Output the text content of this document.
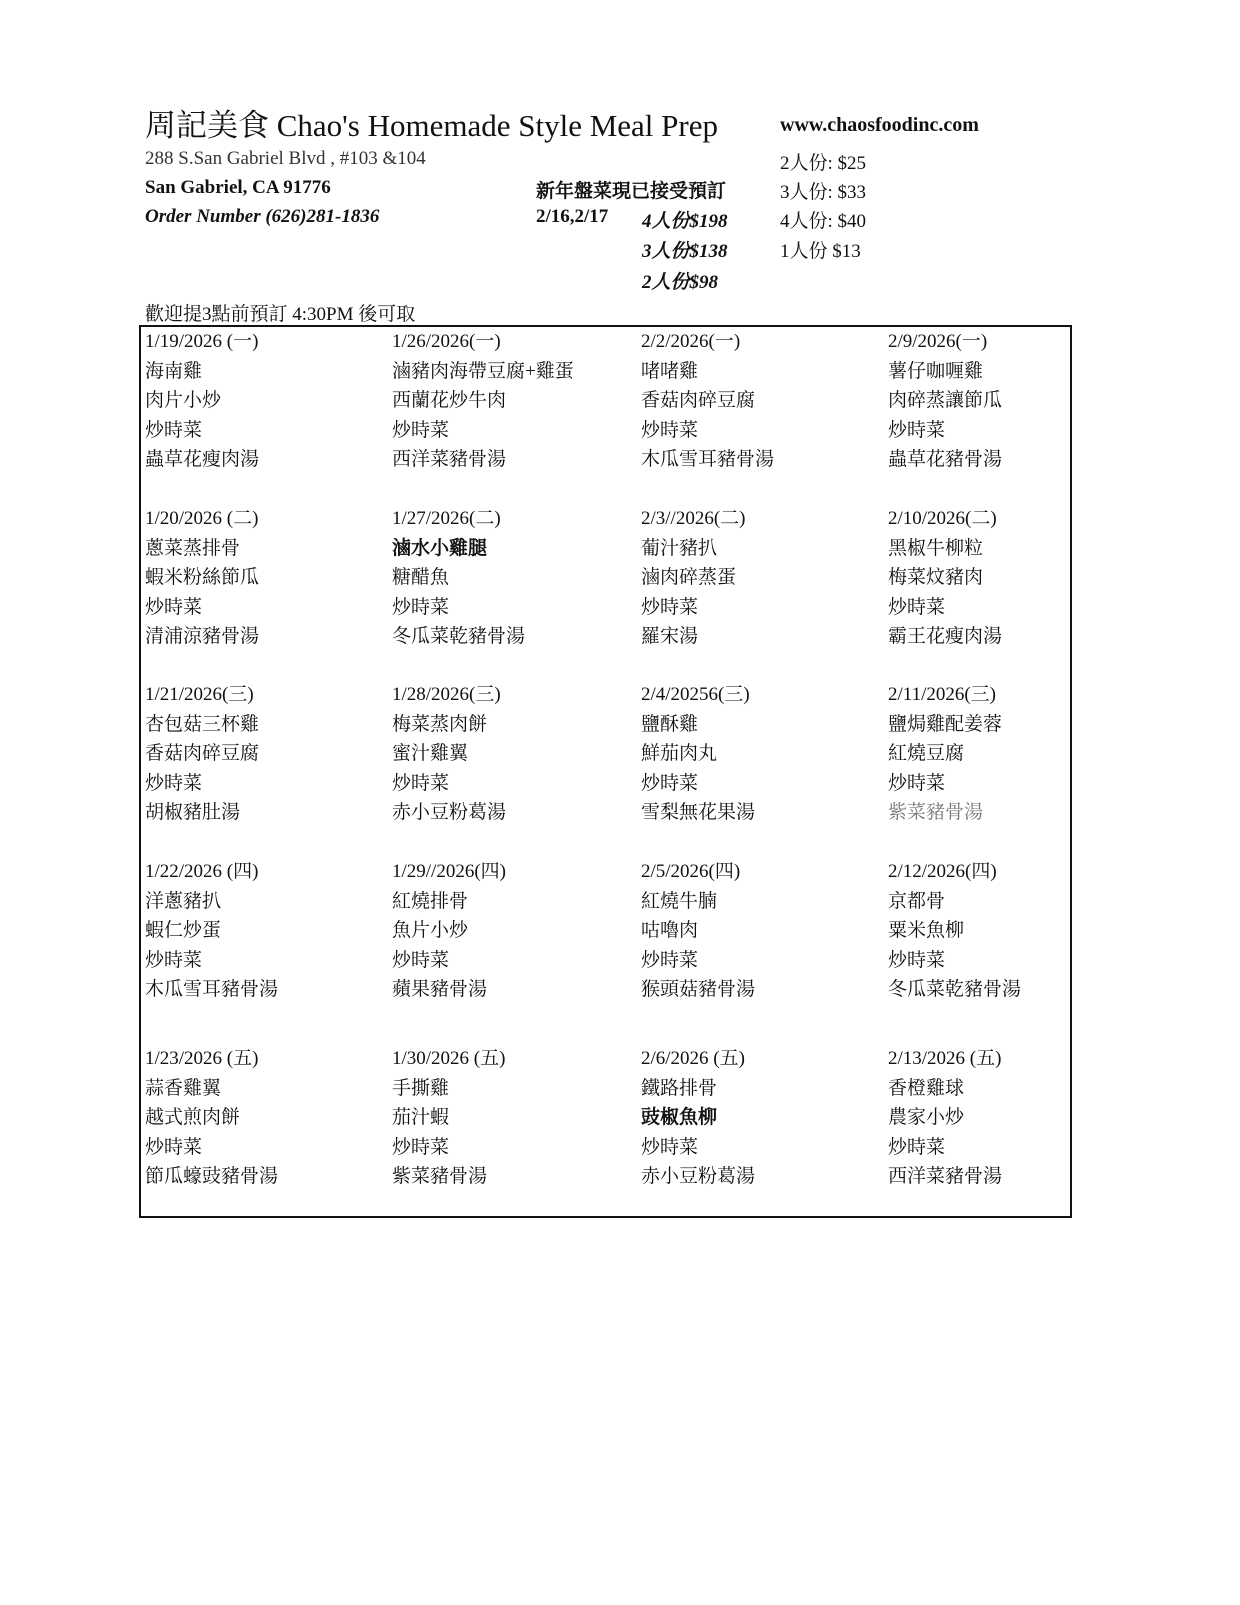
周記美食 Chao's Homemade Style Meal Prep	www.chaosfoodinc.com
288 S.San Gabriel Blvd , #103 &104
San Gabriel, CA 91776
Order Number (626)281-1836
新年盤菜現已接受預訂
2/16,2/17 4人份$198
3人份$138
2人份$98
2人份: $25
3人份: $33
4人份: $40
1人份 $13
歡迎提3點前預訂 4:30PM 後可取
1/19/2026 (一)
海南雞
肉片小炒
炒時菜
蟲草花瘦肉湯
1/20/2026 (二)
蔥菜蒸排骨
蝦米粉絲節瓜
炒時菜
清浦涼豬骨湯
1/21/2026(三)
杏包菇三杯雞
香菇肉碎豆腐
炒時菜
胡椒豬肚湯
1/22/2026 (四)
洋蔥豬扒
蝦仁炒蛋
炒時菜
木瓜雪耳豬骨湯
1/23/2026 (五)
蒜香雞翼
越式煎肉餅
炒時菜
節瓜蠔豉豬骨湯
1/26/2026(一)
滷豬肉海帶豆腐+雞蛋
西蘭花炒牛肉
炒時菜
西洋菜豬骨湯
1/27/2026(二)
滷水小雞腿
糖醋魚
炒時菜
冬瓜菜乾豬骨湯
1/28/2026(三)
梅菜蒸肉餅
蜜汁雞翼
炒時菜
赤小豆粉葛湯
1/29//2026(四)
紅燒排骨
魚片小炒
炒時菜
蘋果豬骨湯
1/30/2026 (五)
手撕雞
茄汁蝦
炒時菜
紫菜豬骨湯
2/2/2026(一)
啫啫雞
香菇肉碎豆腐
炒時菜
木瓜雪耳豬骨湯
2/3//2026(二)
葡汁豬扒
滷肉碎蒸蛋
炒時菜
羅宋湯
2/4/20256(三)
鹽酥雞
鮮茄肉丸
炒時菜
雪梨無花果湯
2/5/2026(四)
紅燒牛腩
咕嚕肉
炒時菜
猴頭菇豬骨湯
2/6/2026 (五)
鐵路排骨
豉椒魚柳
炒時菜
赤小豆粉葛湯
2/9/2026(一)
薯仔咖喱雞
肉碎蒸讓節瓜
炒時菜
蟲草花豬骨湯
2/10/2026(二)
黑椒牛柳粒
梅菜炆豬肉
炒時菜
霸王花瘦肉湯
2/11/2026(三)
鹽焗雞配姜蓉
紅燒豆腐
炒時菜
紫菜豬骨湯
2/12/2026(四)
京都骨
粟米魚柳
炒時菜
冬瓜菜乾豬骨湯
2/13/2026 (五)
香橙雞球
農家小炒
炒時菜
西洋菜豬骨湯
